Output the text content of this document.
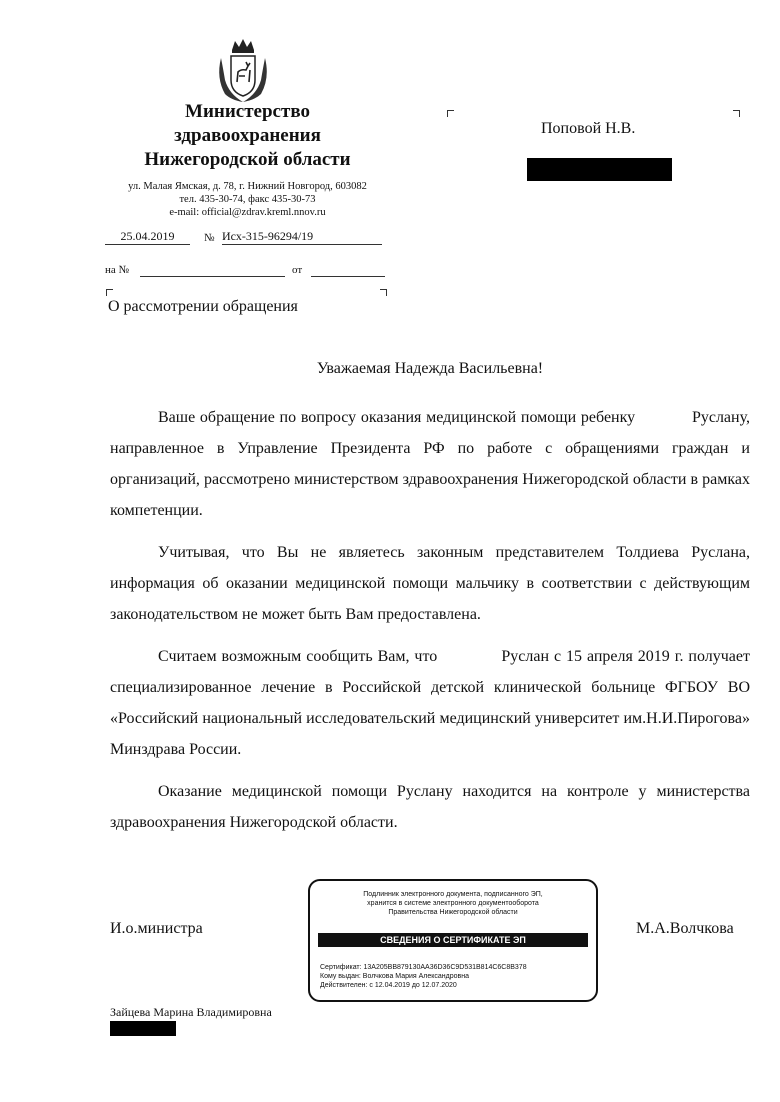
Министерство
здравоохранения
Нижегородской области
ул. Малая Ямская, д. 78, г. Нижний Новгород, 603082
тел. 435-30-74, факс 435-30-73
e-mail: official@zdrav.kreml.nnov.ru
25.04.2019	№ Исх-315-96294/19
на №	от
О рассмотрении обращения
Поповой Н.В.
Уважаемая Надежда Васильевна!

Ваше обращение по вопросу оказания медицинской помощи ребенку            Руслану, направленное в Управление Президента РФ по работе с обращениями граждан и организаций, рассмотрено министерством здравоохранения Нижегородской области в рамках компетенции.

Учитывая, что Вы не являетесь законным представителем Толдиева Руслана, информация об оказании медицинской помощи мальчику в соответствии с действующим законодательством не может быть Вам предоставлена.

Считаем возможным сообщить Вам, что             Руслан с 15 апреля 2019 г. получает специализированное лечение в Российской детской клинической больнице ФГБОУ ВО «Российский национальный исследовательский медицинский университет им.Н.И.Пирогова» Минздрава России.

Оказание медицинской помощи Руслану находится на контроле у министерства здравоохранения Нижегородской области.

И.о.министра	М.А.Волчкова
Подлинник электронного документа, подписанного ЭП,
хранится в системе электронного документооборота
Правительства Нижегородской области
СВЕДЕНИЯ О СЕРТИФИКАТЕ ЭП
Сертификат: 13A205BB879130AA36D36C9D531B814C6C8B378
Кому выдан: Волчкова Мария Александровна
Действителен: с 12.04.2019 до 12.07.2020
Зайцева Марина Владимировна
